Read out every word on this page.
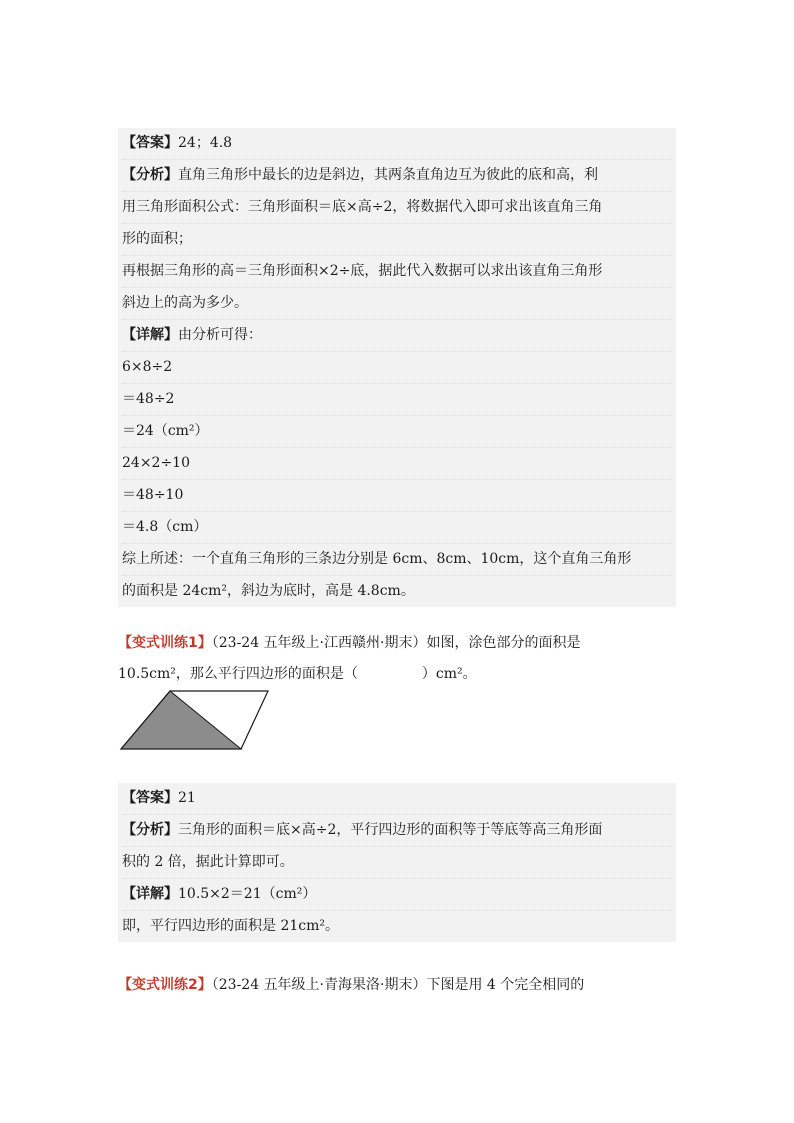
【答案】24；4.8
【分析】直角三角形中最长的边是斜边，其两条直角边互为彼此的底和高，利
用三角形面积公式：三角形面积＝底×高÷2，将数据代入即可求出该直角三角
形的面积；
再根据三角形的高＝三角形面积×2÷底，据此代入数据可以求出该直角三角形
斜边上的高为多少。
【详解】由分析可得：
6×8÷2
＝48÷2
＝24（cm²）
24×2÷10
＝48÷10
＝4.8（cm）
综上所述：一个直角三角形的三条边分别是 6cm、8cm、10cm，这个直角三角形
的面积是 24cm²，斜边为底时，高是 4.8cm。
【变式训练1】（23-24 五年级上·江西赣州·期末）如图，涂色部分的面积是
10.5cm²，那么平行四边形的面积是（	）cm²。
【答案】21
【分析】三角形的面积＝底×高÷2，平行四边形的面积等于等底等高三角形面
积的 2 倍，据此计算即可。
【详解】10.5×2＝21（cm²）
即，平行四边形的面积是 21cm²。
【变式训练2】（23-24 五年级上·青海果洛·期末）下图是用 4 个完全相同的
